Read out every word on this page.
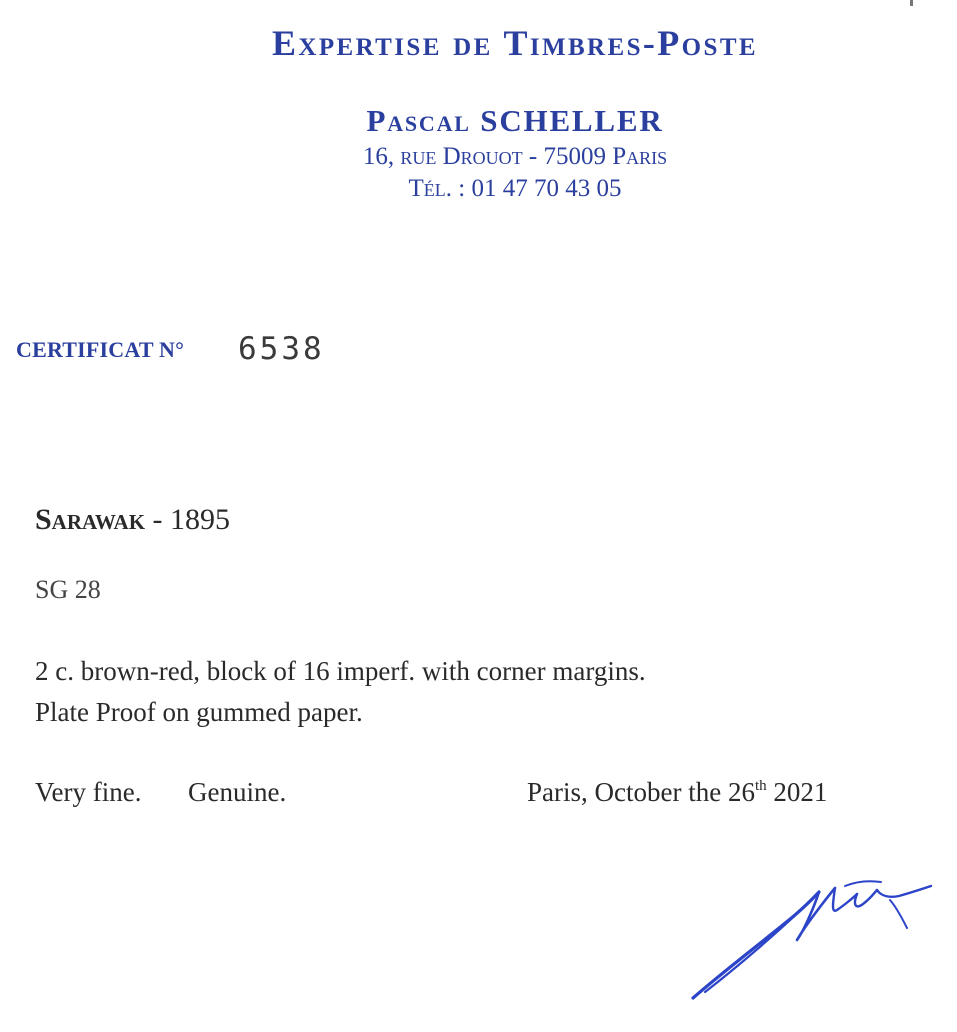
Expertise de Timbres-Poste
Pascal SCHELLER
16, rue Drouot - 75009 Paris
Tél. : 01 47 70 43 05
CERTIFICAT N° 6538
Sarawak - 1895
SG 28
2 c. brown-red, block of 16 imperf. with corner margins.
Plate Proof on gummed paper.
Very fine. Genuine.	Paris, October the 26th 2021
